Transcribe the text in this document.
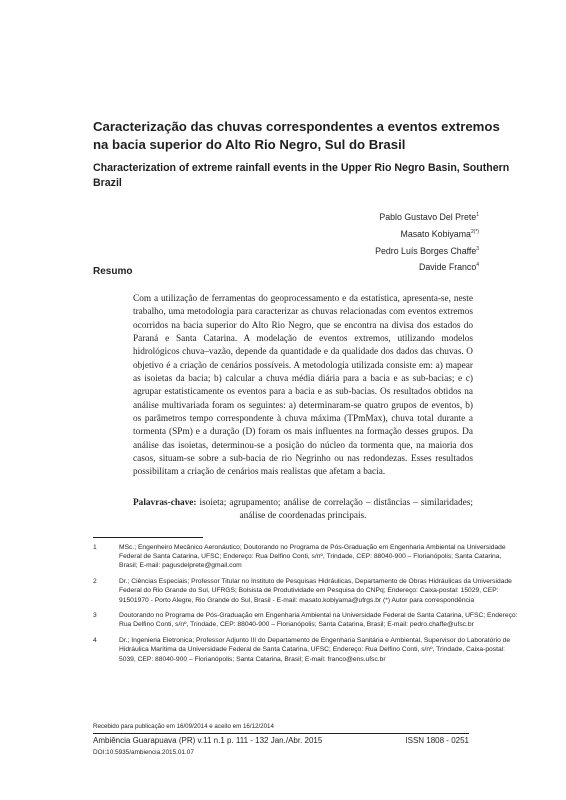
Caracterização das chuvas correspondentes a eventos extremos na bacia superior do Alto Rio Negro, Sul do Brasil
Characterization of extreme rainfall events in the Upper Rio Negro Basin, Southern Brazil
Pablo Gustavo Del Prete$^1$
Masato Kobiyama$^{2(*)}$
Pedro Luís Borges Chaffe$^3$
Davide Franco$^4$
Resumo

Com a utilização de ferramentas do geoprocessamento e da estatística, apresenta-se, neste trabalho, uma metodologia para caracterizar as chuvas relacionadas com eventos extremos ocorridos na bacia superior do Alto Rio Negro, que se encontra na divisa dos estados do Paraná e Santa Catarina. A modelação de eventos extremos, utilizando modelos hidrológicos chuva–vazão, depende da quantidade e da qualidade dos dados das chuvas. O objetivo é a criação de cenários possíveis. A metodologia utilizada consiste em: a) mapear as isoietas da bacia; b) calcular a chuva média diária para a bacia e as sub-bacias; e c) agrupar estatisticamente os eventos para a bacia e as sub-bacias. Os resultados obtidos na análise multivariada foram os seguintes: a) determinaram-se quatro grupos de eventos, b) os parâmetros tempo correspondente à chuva máxima (TPmMax), chuva total durante a tormenta (SPm) e a duração (D) foram os mais influentes na formação desses grupos. Da análise das isoietas, determinou-se a posição do núcleo da tormenta que, na maioria dos casos, situam-se sobre a sub-bacia de rio Negrinho ou nas redondezas. Esses resultados possibilitam a criação de cenários mais realistas que afetam a bacia.

Palavras-chave: isoieta; agrupamento; análise de correlação – distâncias – similaridades; análise de coordenadas principais.

1	MSc.; Engenheiro Mecânico Aeronáutico; Doutorando no Programa de Pós-Graduação em Engenharia Ambiental na Universidade Federal de Santa Catarina, UFSC; Endereço: Rua Delfino Conti, s/nº, Trindade, CEP: 88040-900 – Florianópolis; Santa Catarina, Brasil; E-mail: pagusdelprete@gmail.com

2	Dr.; Ciências Especiais; Professor Titular no Instituto de Pesquisas Hidráulicas, Departamento de Obras Hidráulicas da Universidade Federal do Rio Grande do Sul, UFRGS; Bolsista de Produtividade em Pesquisa do CNPq; Endereço: Caixa-postal: 15029, CEP: 91501970 - Porto Alegre, Rio Grande do Sul, Brasil - E-mail: masato.kobiyama@ufrgs.br (*) Autor para correspondência

3	Doutorando no Programa de Pós-Graduação em Engenharia Ambiental na Universidade Federal de Santa Catarina, UFSC; Endereço: Rua Delfino Conti, s/nº, Trindade, CEP: 88040-900 – Florianópolis; Santa Catarina, Brasil; E-mail: pedro.chaffe@ufsc.br

4	Dr.; Ingenieria Eletronica; Professor Adjunto III do Departamento de Engenharia Sanitária e Ambiental, Supervisor do Laboratório de Hidráulica Marítima da Universidade Federal de Santa Catarina, UFSC; Endereço: Rua Delfino Conti, s/nº, Trindade, Caixa-postal: 5039, CEP: 88040-900 – Florianópolis; Santa Catarina, Brasil; E-mail: franco@ens.ufsc.br

Recebido para publicação em 16/09/2014 e aceito em 16/12/2014
Ambiência Guarapuava (PR) v.11 n.1 p. 111 - 132 Jan./Abr. 2015	ISSN 1808 - 0251
DOI:10.5935/ambiencia.2015.01.07
